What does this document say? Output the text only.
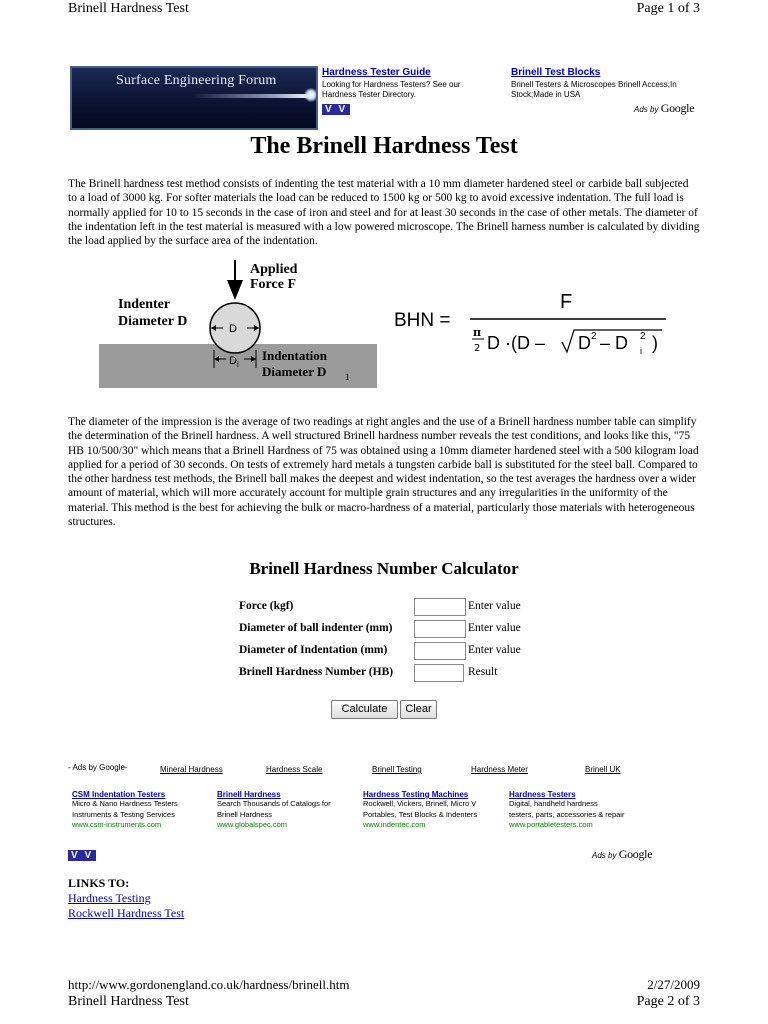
Brinell Hardness Test	Page 1 of 3
Surface Engineering Forum
Hardness Tester Guide
Looking for Hardness Testers? See our Hardness Tester Directory.
V V
Brinell Test Blocks
Brinell Testers & Microscopes Brinell Access;In Stock;Made in USA
Ads by Google
The Brinell Hardness Test
The Brinell hardness test method consists of indenting the test material with a 10 mm diameter hardened steel or carbide ball subjected to a load of 3000 kg. For softer materials the load can be reduced to 1500 kg or 500 kg to avoid excessive indentation. The full load is normally applied for 10 to 15 seconds in the case of iron and steel and for at least 30 seconds in the case of other metals. The diameter of the indentation left in the test material is measured with a low powered microscope. The Brinell harness number is calculated by dividing the load applied by the surface area of the indentation.
Applied
Force F
Indenter
Diameter D	D
D i
Indentation
Diameter D 1
BHN =
F
π
2 D ·(D – D 2 – D 2
i )
The diameter of the impression is the average of two readings at right angles and the use of a Brinell hardness number table can simplify the determination of the Brinell hardness. A well structured Brinell hardness number reveals the test conditions, and looks like this, "75 HB 10/500/30" which means that a Brinell Hardness of 75 was obtained using a 10mm diameter hardened steel with a 500 kilogram load applied for a period of 30 seconds. On tests of extremely hard metals a tungsten carbide ball is substituted for the steel ball. Compared to the other hardness test methods, the Brinell ball makes the deepest and widest indentation, so the test averages the hardness over a wider amount of material, which will more accurately account for multiple grain structures and any irregularities in the uniformity of the material. This method is the best for achieving the bulk or macro-hardness of a material, particularly those materials with heterogeneous structures.
Brinell Hardness Number Calculator
Force (kgf)	Enter value
Diameter of ball indenter (mm)	Enter value
Diameter of Indentation (mm)	Enter value
Brinell Hardness Number (HB)	Result
Calculate	Clear
- Ads by Google-	Mineral Hardness	Hardness Scale	Brinell Testing	Hardness Meter	Brinell UK
CSM Indentation Testers
Micro & Nano Hardness Testers
Instruments & Testing Services
www.csm-instruments.com
Brinell Hardness
Search Thousands of Catalogs for
Brinell Hardness
www.globalspec.com
Hardness Testing Machines
Rockwell, Vickers, Brinell, Micro V
Portables, Test Blocks & Indenters
www.indentec.com
Hardness Testers
Digital, handheld hardness
testers, parts, accessories & repair
www.portabletesters.com
V V	Ads by Google
LINKS TO:
Hardness Testing
Rockwell Hardness Test
http://www.gordonengland.co.uk/hardness/brinell.htm	2/27/2009
Brinell Hardness Test	Page 2 of 3
